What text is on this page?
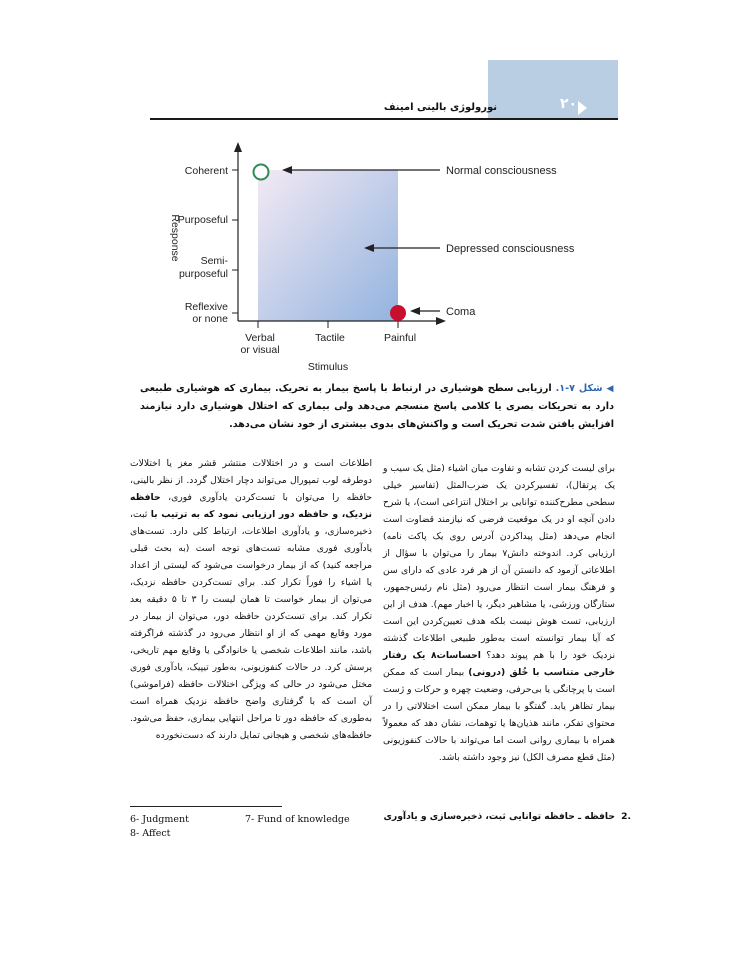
۲۰
نورولوژی بالینی امینف
Coherent
Purposeful
Semi-
purposeful
Reflexive
or none
Verbal
or visual
Tactile	Painful
Stimulus
Response
Normal consciousness
Depressed consciousness
Coma
◀ شکل ۷-۱. ارزیابی سطح هوشیاری در ارتباط با پاسخ بیمار به تحریک. بیماری که هوشیاری طبیعی دارد به تحریکات بصری یا کلامی پاسخ منسجم می‌دهد ولی بیماری که اختلال هوشیاری دارد نیازمند افزایش یافتن شدت تحریک است و واکنش‌های بدوی بیشتری از خود نشان می‌دهد.
برای لیست کردن تشابه و تفاوت میان اشیاء (مثل یک سیب و یک پرتقال)، تفسیرکردن یک ضرب‌المثل (تفاسیر خیلی سطحی مطرح‌کننده توانایی بر اختلال انتزاعی است)، یا شرح دادن آنچه او در یک موقعیت فرضی که نیازمند قضاوت است انجام می‌دهد (مثل پیداکردن آدرس روی یک پاکت نامه) ارزیابی کرد. اندوخته دانش۷ بیمار را می‌توان با سؤال از اطلاعاتی آزمود که دانستن آن از هر فرد عادی که دارای سن و فرهنگ بیمار است انتظار می‌رود (مثل نام رئیس‌جمهور، ستارگان ورزشی، یا مشاهیر دیگر، یا اخبار مهم). هدف از این ارزیابی، تست هوش نیست بلکه هدف تعیین‌کردن این است که آیا بیمار توانسته است به‌طور طبیعی اطلاعات گذشته نزدیک خود را با هم پیوند دهد؟ احساسات۸ یک رفتار خارجی متناسب با خُلق (درونی) بیمار است که ممکن است با پرچانگی یا بی‌حرفی، وضعیت چهره و حرکات و ژست بیمار تظاهر یابد. گفتگو با بیمار ممکن است اختلالاتی را در محتوای تفکر، مانند هذیان‌ها یا توهمات، نشان دهد که معمولاً همراه با بیماری روانی است اما می‌تواند با حالات کنفوزیونی (مثل قطع مصرف الکل) نیز وجود داشته باشد.
2.
حافظه ـ حافظه توانایی ثبت، ذخیره‌سازی و یادآوری
اطلاعات است و در اختلالات منتشر قشر مغز یا اختلالات دوطرفه لوب تمپورال می‌تواند دچار اختلال گردد. از نظر بالینی، حافظه را می‌توان با تست‌کردن یادآوری فوری، حافظه نزدیک، و حافظه دور ارزیابی نمود که به ترتیب با ثبت، ذخیره‌سازی، و یادآوری اطلاعات، ارتباط کلی دارد. تست‌های یادآوری فوری مشابه تست‌های توجه است (به بحث قبلی مراجعه کنید) که از بیمار درخواست می‌شود که لیستی از اعداد یا اشیاء را فوراً تکرار کند. برای تست‌کردن حافظه نزدیک، می‌توان از بیمار خواست تا همان لیست را ۳ تا ۵ دقیقه بعد تکرار کند. برای تست‌کردن حافظه دور، می‌توان از بیمار در مورد وقایع مهمی که از او انتظار می‌رود در گذشته فراگرفته باشد، مانند اطلاعات شخصی یا خانوادگی یا وقایع مهم تاریخی، پرسش کرد. در حالات کنفوزیونی، به‌طور تیپیک، یادآوری فوری مختل می‌شود در حالی که ویژگی اختلالات حافظه (فراموشی) آن است که با گرفتاری واضح حافظه نزدیک همراه است به‌طوری که حافظه دور تا مراحل انتهایی بیماری، حفظ می‌شود. حافظه‌های شخصی و هیجانی تمایل دارند که دست‌نخورده
6- Judgment	7- Fund of knowledge
8- Affect
